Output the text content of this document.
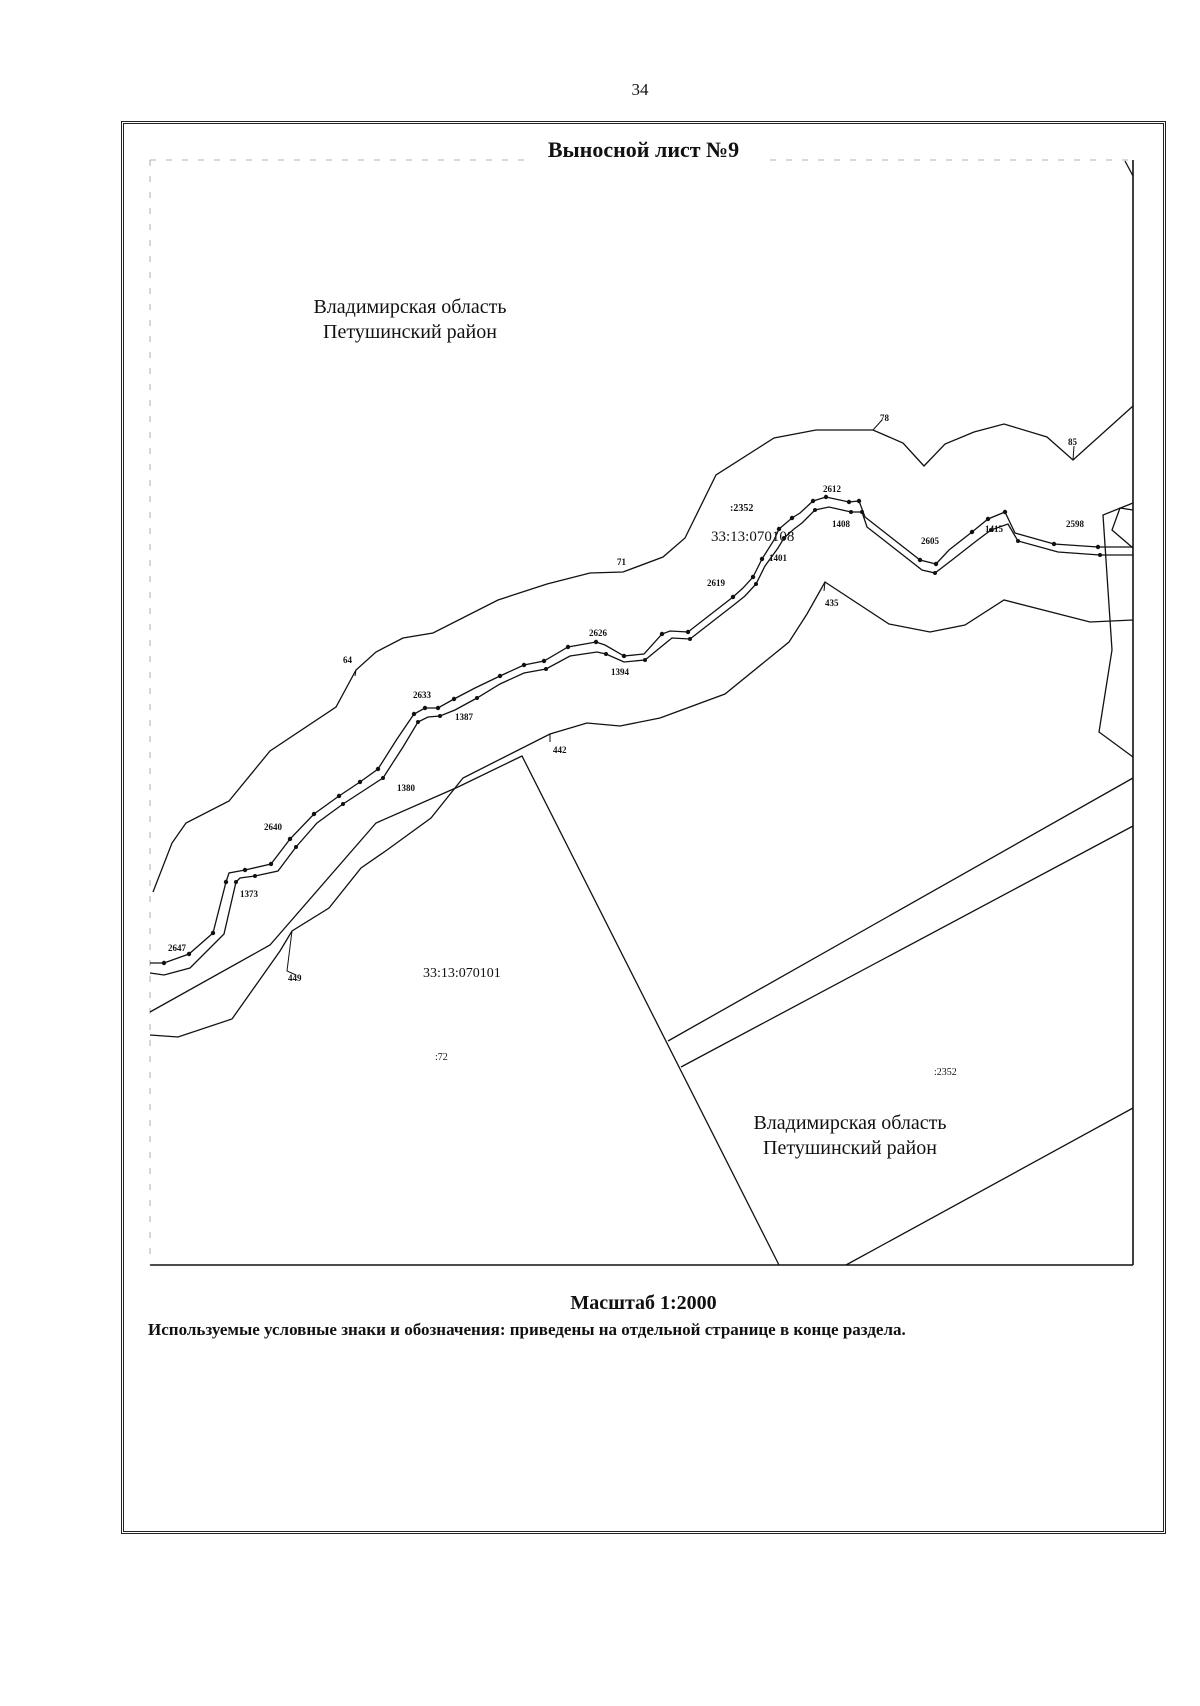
34
78
85
71
64
2612
1408
2605
1415	2598
1401
2619
2626
1394
2633
1387
1380
2640
1373
2647
435
442
449
:2352
33:13:070108
33:13:070101
:72
:2352
Выносной лист №9
Владимирская область
Петушинский район
Владимирская область
Петушинский район
Масштаб 1:2000
Используемые условные знаки и обозначения: приведены на отдельной странице в конце раздела.
